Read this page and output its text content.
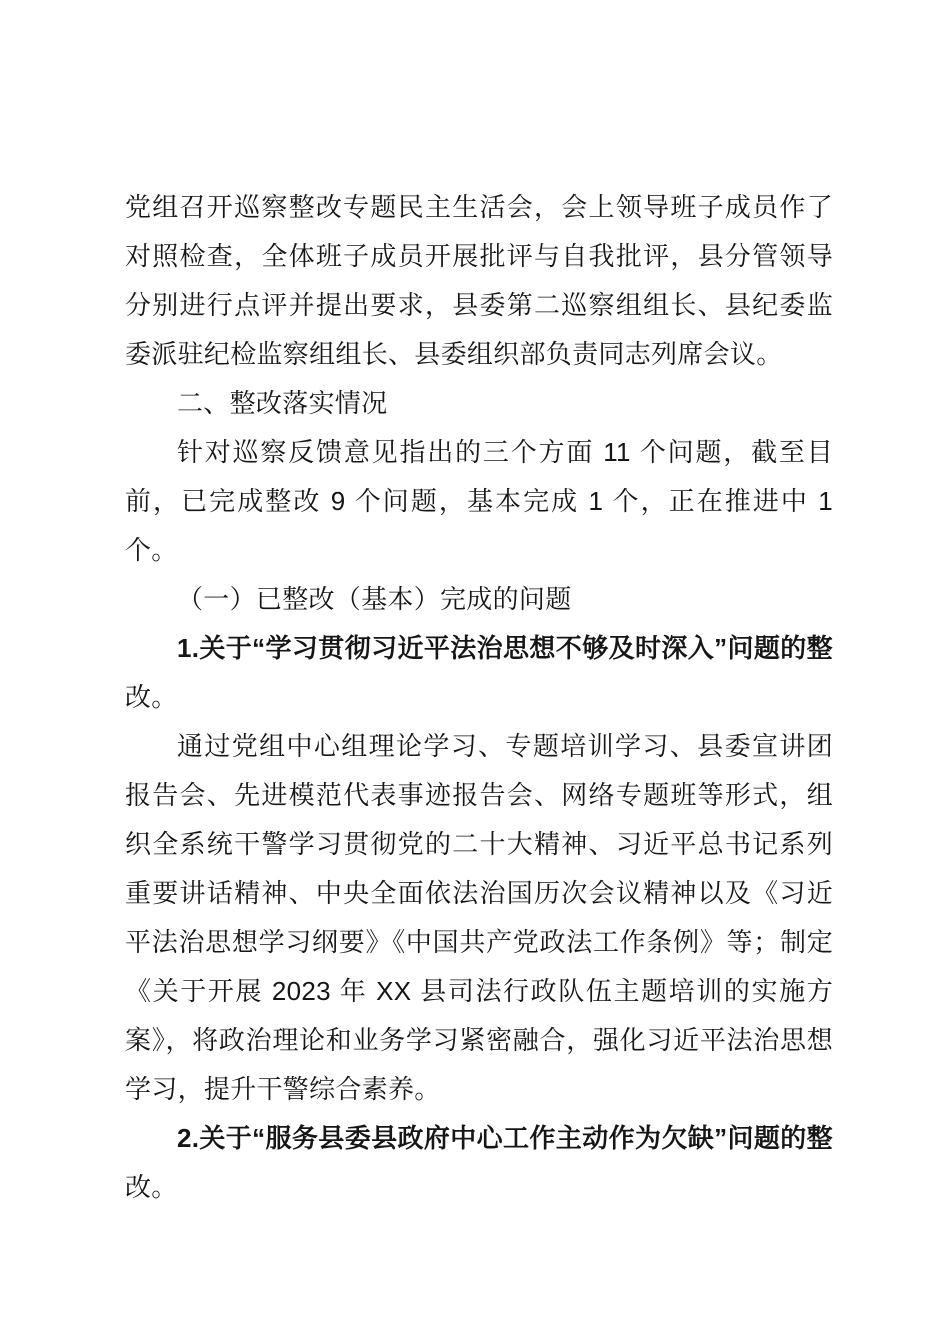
党组召开巡察整改专题民主生活会，会上领导班子成员作了对照检查，全体班子成员开展批评与自我批评，县分管领导分别进行点评并提出要求，县委第二巡察组组长、县纪委监委派驻纪检监察组组长、县委组织部负责同志列席会议。

二、整改落实情况

针对巡察反馈意见指出的三个方面 11 个问题，截至目前，已完成整改 9 个问题，基本完成 1 个，正在推进中 1 个。

（一）已整改（基本）完成的问题

1.关于“学习贯彻习近平法治思想不够及时深入”问题的整改。

通过党组中心组理论学习、专题培训学习、县委宣讲团报告会、先进模范代表事迹报告会、网络专题班等形式，组织全系统干警学习贯彻党的二十大精神、习近平总书记系列重要讲话精神、中央全面依法治国历次会议精神以及《习近平法治思想学习纲要》《中国共产党政法工作条例》等；制定《关于开展 2023 年 XX 县司法行政队伍主题培训的实施方案》，将政治理论和业务学习紧密融合，强化习近平法治思想学习，提升干警综合素养。

2.关于“服务县委县政府中心工作主动作为欠缺”问题的整改。
